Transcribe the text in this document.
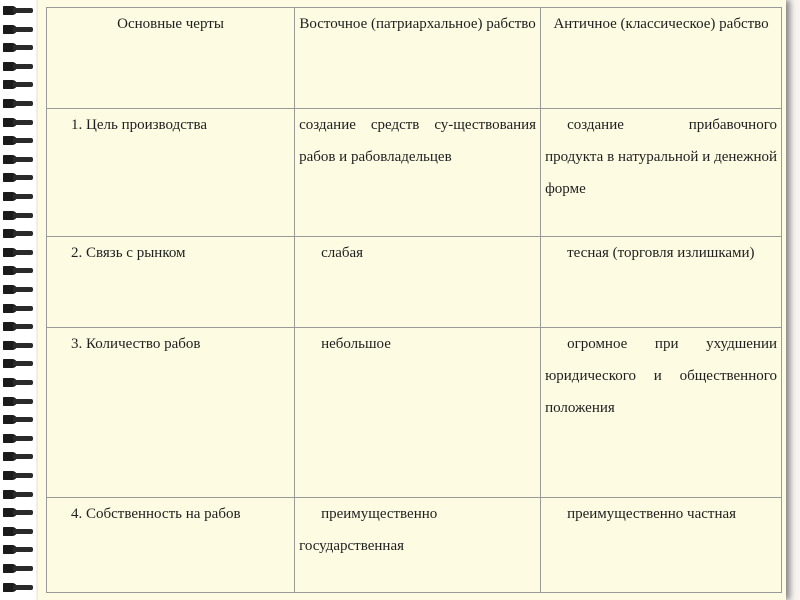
Основные черты	Восточное (патриархальное) рабство	Античное (классическое) рабство
1. Цель производства	создание средств су-ществования рабов и рабовладельцев	создание прибавочного продукта в натуральной и денежной форме
2. Связь с рынком	слабая	тесная (торговля излишками)
3. Количество рабов	небольшое	огромное при ухудшении юридического и общественного положения
4. Собственность на рабов	преимущественно государственная	преимущественно частная
